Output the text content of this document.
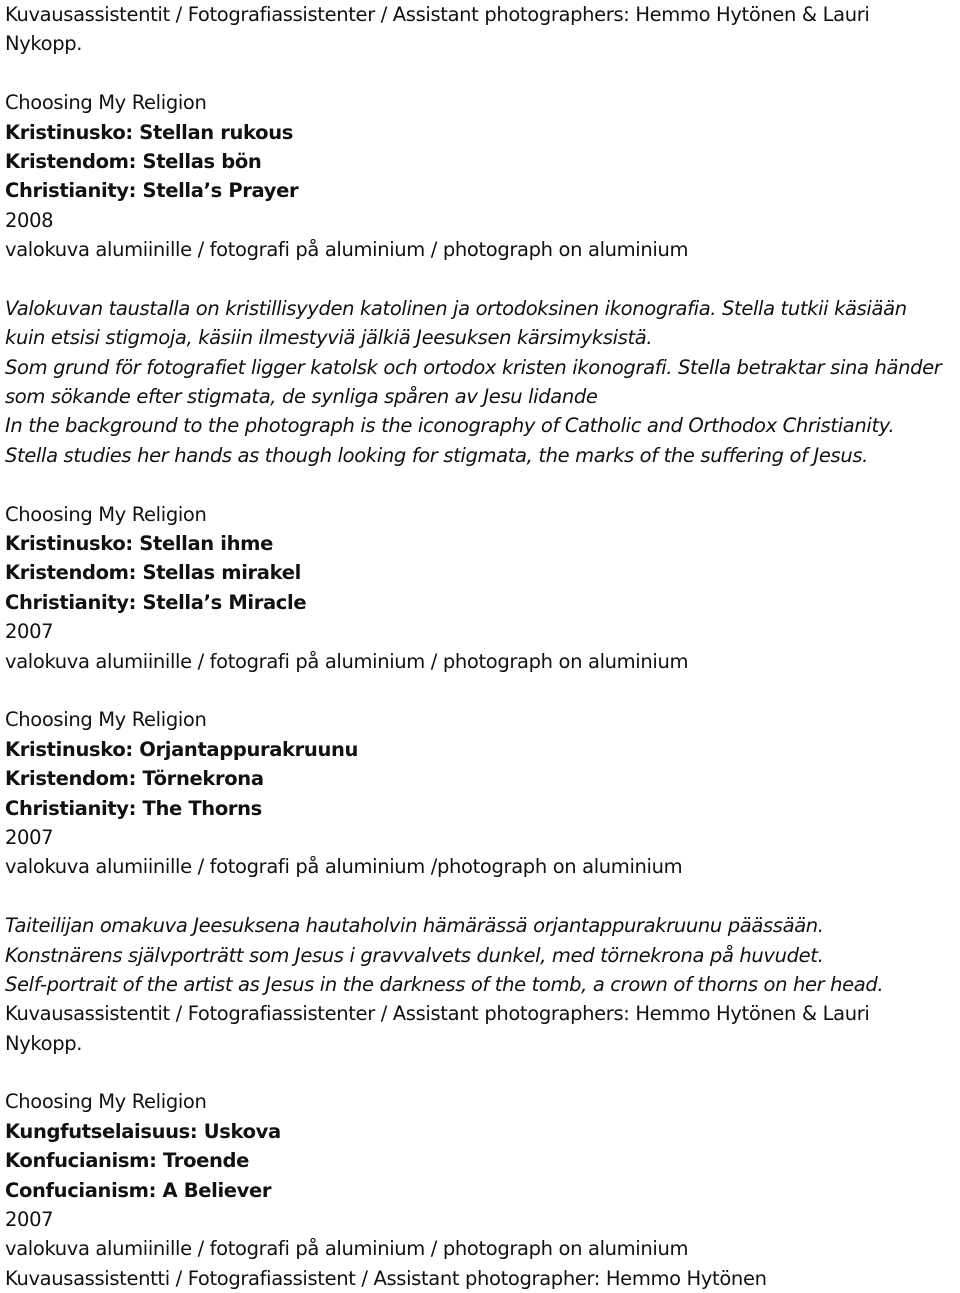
Kuvausassistentit / Fotografiassistenter / Assistant photographers: Hemmo Hytönen & Lauri
Nykopp.
Choosing My Religion
Kristinusko: Stellan rukous
Kristendom: Stellas bön
Christianity: Stella’s Prayer
2008
valokuva alumiinille / fotografi på aluminium / photograph on aluminium
Valokuvan taustalla on kristillisyyden katolinen ja ortodoksinen ikonografia. Stella tutkii käsiään
kuin etsisi stigmoja, käsiin ilmestyviä jälkiä Jeesuksen kärsimyksistä.
Som grund för fotografiet ligger katolsk och ortodox kristen ikonografi. Stella betraktar sina händer
som sökande efter stigmata, de synliga spåren av Jesu lidande
In the background to the photograph is the iconography of Catholic and Orthodox Christianity.
Stella studies her hands as though looking for stigmata, the marks of the suffering of Jesus.
Choosing My Religion
Kristinusko: Stellan ihme
Kristendom: Stellas mirakel
Christianity: Stella’s Miracle
2007
valokuva alumiinille / fotografi på aluminium / photograph on aluminium
Choosing My Religion
Kristinusko: Orjantappurakruunu
Kristendom: Törnekrona
Christianity: The Thorns
2007
valokuva alumiinille / fotografi på aluminium /photograph on aluminium
Taiteilijan omakuva Jeesuksena hautaholvin hämärässä orjantappurakruunu päässään.
Konstnärens självporträtt som Jesus i gravvalvets dunkel, med törnekrona på huvudet.
Self-portrait of the artist as Jesus in the darkness of the tomb, a crown of thorns on her head.
Kuvausassistentit / Fotografiassistenter / Assistant photographers: Hemmo Hytönen & Lauri
Nykopp.
Choosing My Religion
Kungfutselaisuus: Uskova
Konfucianism: Troende
Confucianism: A Believer
2007
valokuva alumiinille / fotografi på aluminium / photograph on aluminium
Kuvausassistentti / Fotografiassistent / Assistant photographer: Hemmo Hytönen
